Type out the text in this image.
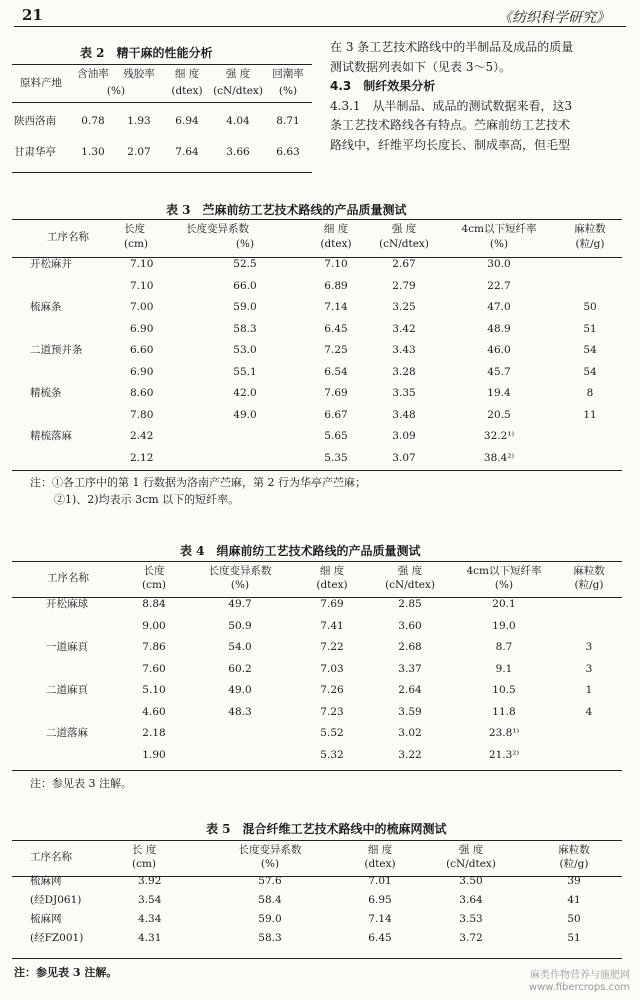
21	《纺织科学研究》
表 2　精干麻的性能分析
原料产地	含油率	残胶率	细 度	强 度	回潮率
	(%)		(dtex)	(cN/dtex)	(%)
陕西洛南	0.78	1.93	6.94	4.04	8.71
甘肃华亭	1.30	2.07	7.64	3.66	6.63

在 3 条工艺技术路线中的半制品及成品的质量

测试数据列表如下（见表 3～5）。

4.3　制纤效果分析

4.3.1　从半制品、成品的测试数据来看，这3

条工艺技术路线各有特点。苎麻前纺工艺技术

路线中，纤维平均长度长、制成率高，但毛型

表 3　苎麻前纺工艺技术路线的产品质量测试
工序名称	长度	长度变异系数	细 度	强 度	4cm以下短纤率	麻粒数
	(cm)	(%)	(dtex)	(cN/dtex)	(%)	(粒/g)
开松麻并	7.10	52.5	7.10	2.67	30.0	
	7.10	66.0	6.89	2.79	22.7	
梳麻条	7.00	59.0	7.14	3.25	47.0	50
	6.90	58.3	6.45	3.42	48.9	51
二道预并条	6.60	53.0	7.25	3.43	46.0	54
	6.90	55.1	6.54	3.28	45.7	54
精梳条	8.60	42.0	7.69	3.35	19.4	8
	7.80	49.0	6.67	3.48	20.5	11
精梳落麻	2.42		5.65	3.09	32.2¹⁾	
	2.12		5.35	3.07	38.4²⁾	
注：①各工序中的第 1 行数据为洛南产苎麻，第 2 行为华亭产苎麻；
②1)、2)均表示 3cm 以下的短纤率。
表 4　绢麻前纺工艺技术路线的产品质量测试
工序名称	长度	长度变异系数	细 度	强 度	4cm以下短纤率	麻粒数
	(cm)	(%)	(dtex)	(cN/dtex)	(%)	(粒/g)
开松麻球	8.84	49.7	7.69	2.85	20.1	
	9.00	50.9	7.41	3.60	19.0	
一道麻頁	7.86	54.0	7.22	2.68	8.7	3
	7.60	60.2	7.03	3.37	9.1	3
二道麻頁	5.10	49.0	7.26	2.64	10.5	1
	4.60	48.3	7.23	3.59	11.8	4
二道落麻	2.18		5.52	3.02	23.8¹⁾	
	1.90		5.32	3.22	21.3²⁾	
注：参见表 3 注解。
表 5　混合纤维工艺技术路线中的梳麻网测试
工序名称	长 度	长度变异系数	细 度	强 度	麻粒数
	(cm)	(%)	(dtex)	(cN/dtex)	(粒/g)
梳麻网	3.92	57.6	7.01	3.50	39
(经DJ061)	3.54	58.4	6.95	3.64	41
梳麻网	4.34	59.0	7.14	3.53	50
(经FZ001)	4.31	58.3	6.45	3.72	51
注：参见表 3 注解。	麻类作物营养与施肥网
www.fibercrops.com
